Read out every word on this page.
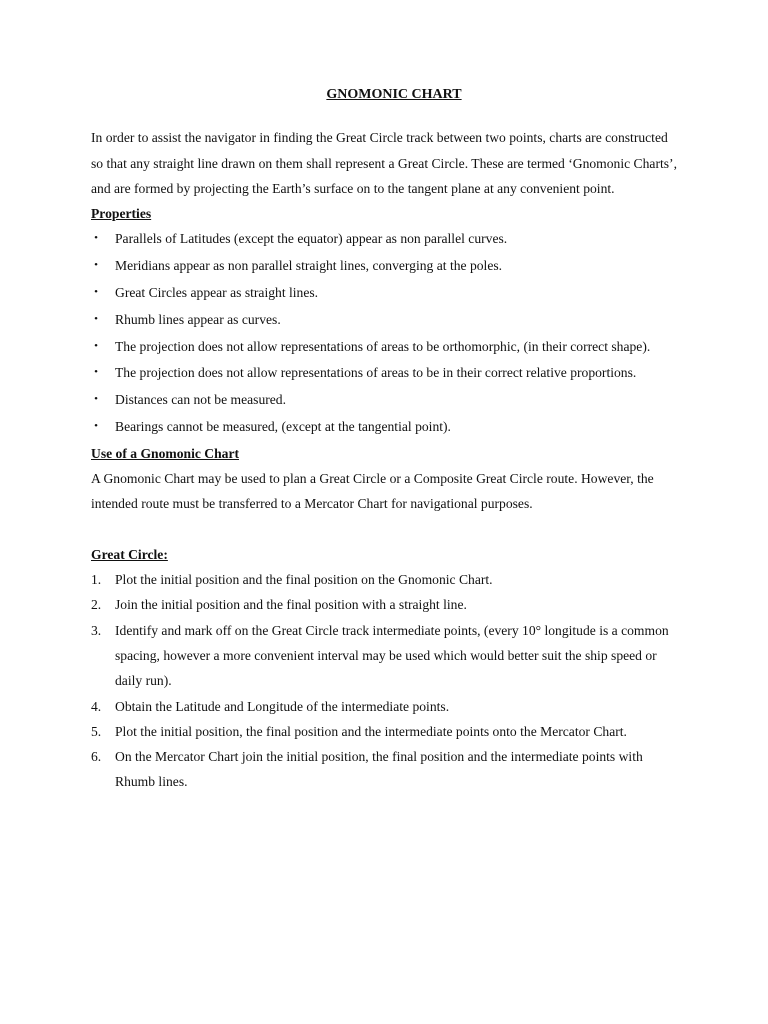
GNOMONIC CHART

In order to assist the navigator in finding the Great Circle track between two points, charts are constructed so that any straight line drawn on them shall represent a Great Circle. These are termed ‘Gnomonic Charts’, and are formed by projecting the Earth’s surface on to the tangent plane at any convenient point.

Properties
• Parallels of Latitudes (except the equator) appear as non parallel curves.
• Meridians appear as non parallel straight lines, converging at the poles.
• Great Circles appear as straight lines.
• Rhumb lines appear as curves.
• The projection does not allow representations of areas to be orthomorphic, (in their correct shape).
• The projection does not allow representations of areas to be in their correct relative proportions.
• Distances can not be measured.
• Bearings cannot be measured, (except at the tangential point).
Use of a Gnomonic Chart

A Gnomonic Chart may be used to plan a Great Circle or a Composite Great Circle route. However, the intended route must be transferred to a Mercator Chart for navigational purposes.

Great Circle:
1. Plot the initial position and the final position on the Gnomonic Chart.
2. Join the initial position and the final position with a straight line.
3. Identify and mark off on the Great Circle track intermediate points, (every 10° longitude is a common spacing, however a more convenient interval may be used which would better suit the ship speed or daily run).
4. Obtain the Latitude and Longitude of the intermediate points.
5. Plot the initial position, the final position and the intermediate points onto the Mercator Chart.
6. On the Mercator Chart join the initial position, the final position and the intermediate points with Rhumb lines.
